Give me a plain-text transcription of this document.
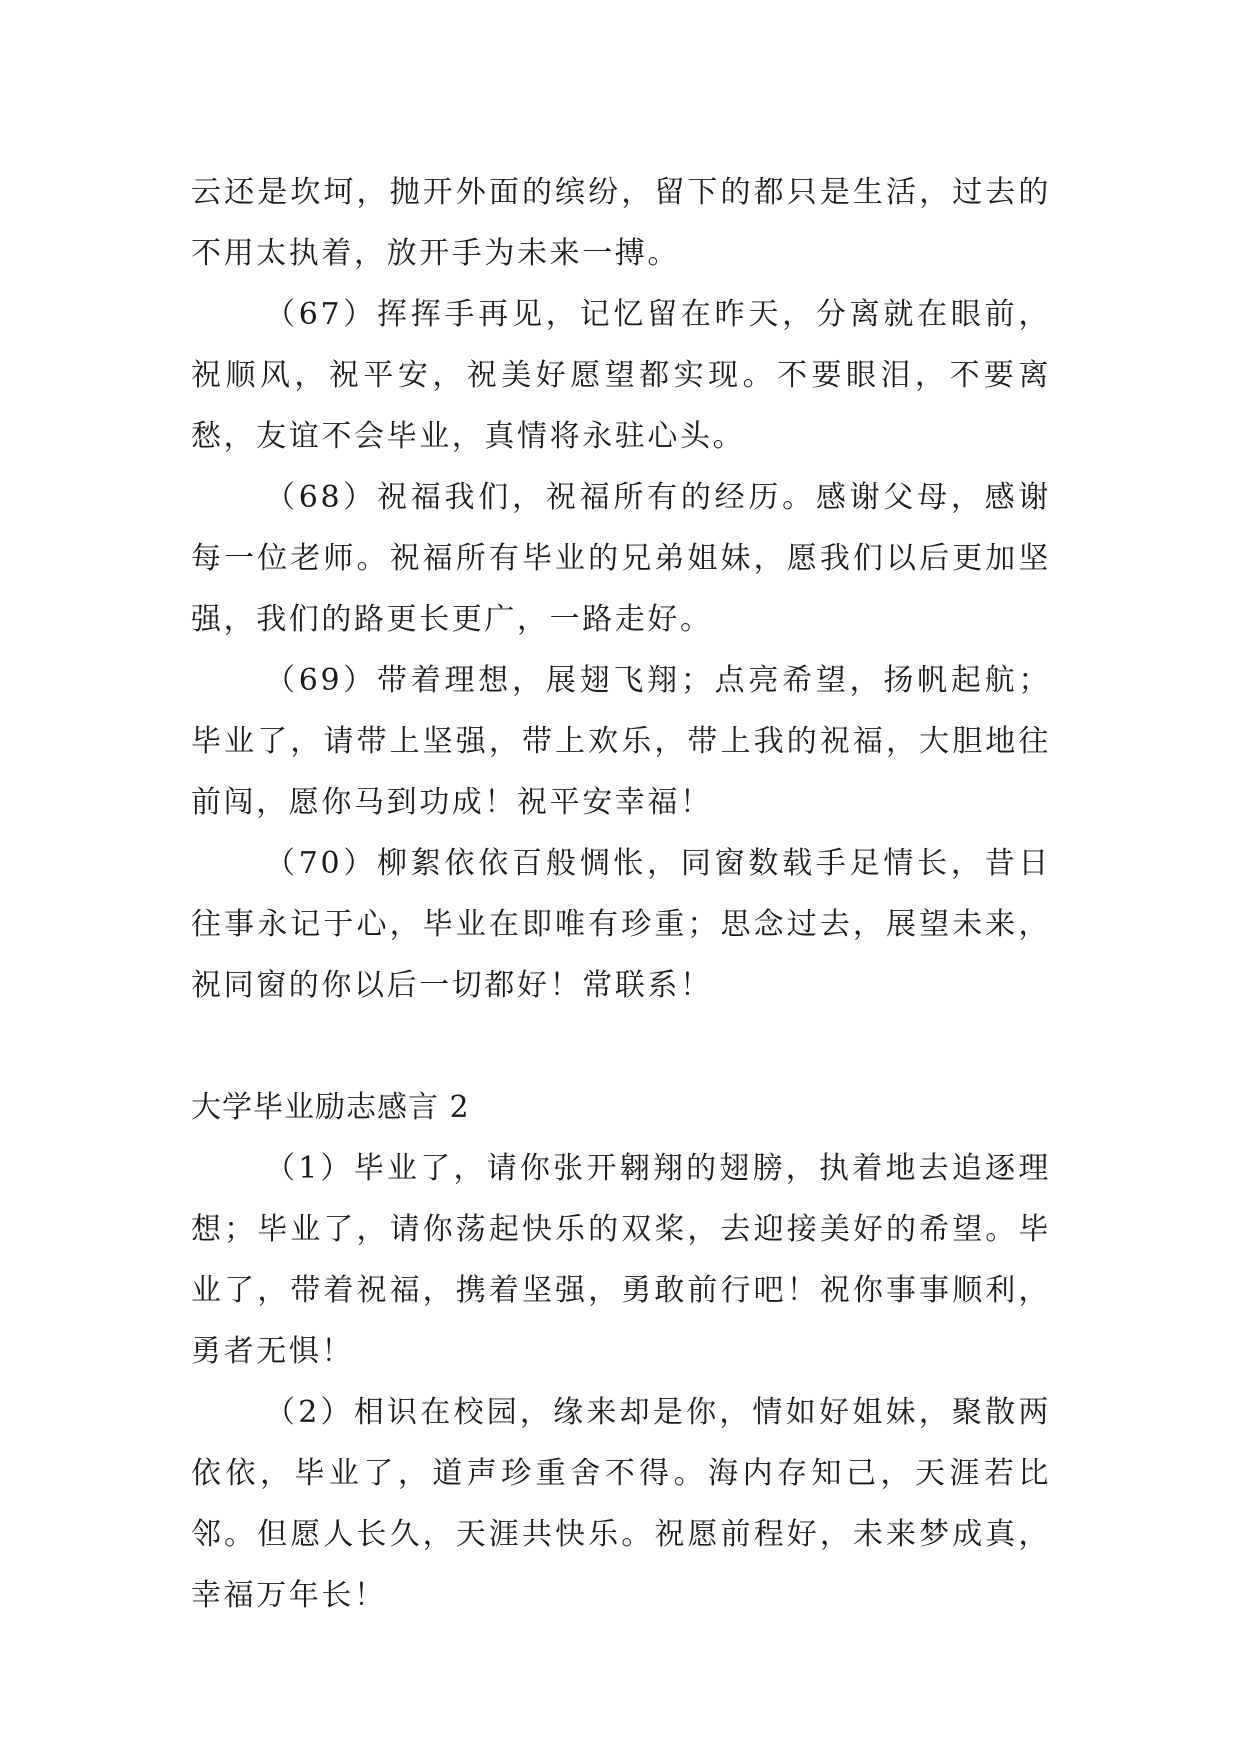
云还是坎坷，抛开外面的缤纷，留下的都只是生活，过去的不用太执着，放开手为未来一搏。

（67）挥挥手再见，记忆留在昨天，分离就在眼前，祝顺风，祝平安，祝美好愿望都实现。不要眼泪，不要离愁，友谊不会毕业，真情将永驻心头。

（68）祝福我们，祝福所有的经历。感谢父母，感谢每一位老师。祝福所有毕业的兄弟姐妹，愿我们以后更加坚强，我们的路更长更广，一路走好。

（69）带着理想，展翅飞翔；点亮希望，扬帆起航；毕业了，请带上坚强，带上欢乐，带上我的祝福，大胆地往前闯，愿你马到功成！祝平安幸福！

（70）柳絮依依百般惆怅，同窗数载手足情长，昔日往事永记于心，毕业在即唯有珍重；思念过去，展望未来，祝同窗的你以后一切都好！常联系！

大学毕业励志感言 2

（1）毕业了，请你张开翱翔的翅膀，执着地去追逐理想；毕业了，请你荡起快乐的双桨，去迎接美好的希望。毕业了，带着祝福，携着坚强，勇敢前行吧！祝你事事顺利，勇者无惧！

（2）相识在校园，缘来却是你，情如好姐妹，聚散两依依，毕业了，道声珍重舍不得。海内存知己，天涯若比邻。但愿人长久，天涯共快乐。祝愿前程好，未来梦成真，幸福万年长！
